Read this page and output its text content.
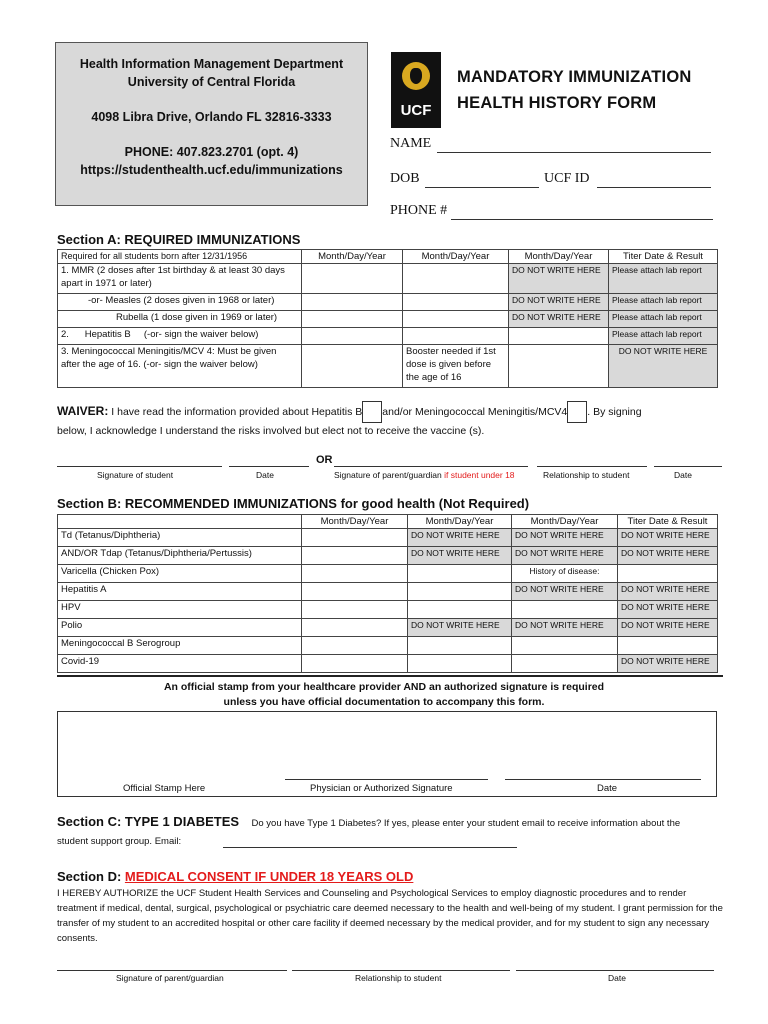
Health Information Management Department
University of Central Florida
4098 Libra Drive, Orlando FL 32816-3333
PHONE: 407.823.2701 (opt. 4)
https://studenthealth.ucf.edu/immunizations
UCF
MANDATORY IMMUNIZATION
HEALTH HISTORY FORM
NAME
DOB	UCF ID
PHONE #
Section A: REQUIRED IMMUNIZATIONS
Required for all students born after 12/31/1956	Month/Day/Year	Month/Day/Year	Month/Day/Year	Titer Date & Result
1. MMR (2 doses after 1st birthday & at least 30 days apart in 1971 or later)			DO NOT WRITE HERE	Please attach lab report
-or- Measles (2 doses given in 1968 or later)			DO NOT WRITE HERE	Please attach lab report
Rubella (1 dose given in 1969 or later)			DO NOT WRITE HERE	Please attach lab report
2.      Hepatitis B     (-or- sign the waiver below)				Please attach lab report
3. Meningococcal Meningitis/MCV 4: Must be given after the age of 16. (-or- sign the waiver below)		Booster needed if 1st dose is given before the age of 16		DO NOT WRITE HERE
WAIVER: I have read the information provided about Hepatitis B and/or Meningococcal Meningitis/MCV4 . By signing
below, I acknowledge I understand the risks involved but elect not to receive the vaccine (s).
OR
Signature of student	Date	Signature of parent/guardian if student under 18	Relationship to student	Date
Section B: RECOMMENDED IMMUNIZATIONS for good health (Not Required)
	Month/Day/Year	Month/Day/Year	Month/Day/Year	Titer Date & Result
Td (Tetanus/Diphtheria)		DO NOT WRITE HERE	DO NOT WRITE HERE	DO NOT WRITE HERE
AND/OR Tdap (Tetanus/Diphtheria/Pertussis)		DO NOT WRITE HERE	DO NOT WRITE HERE	DO NOT WRITE HERE
Varicella (Chicken Pox)			History of disease:	
Hepatitis A			DO NOT WRITE HERE	DO NOT WRITE HERE
HPV				DO NOT WRITE HERE
Polio		DO NOT WRITE HERE	DO NOT WRITE HERE	DO NOT WRITE HERE
Meningococcal B Serogroup				
Covid-19				DO NOT WRITE HERE
An official stamp from your healthcare provider AND an authorized signature is required
unless you have official documentation to accompany this form.
Official Stamp Here	Physician or Authorized Signature	Date
Section C: TYPE 1 DIABETES Do you have Type 1 Diabetes? If yes, please enter your student email to receive information about the
student support group. Email:
Section D: MEDICAL CONSENT IF UNDER 18 YEARS OLD
I HEREBY AUTHORIZE the UCF Student Health Services and Counseling and Psychological Services to employ diagnostic procedures and to render treatment if medical, dental, surgical, psychological or psychiatric care deemed necessary to the health and well-being of my student. I grant permission for the transfer of my student to an accredited hospital or other care facility if deemed necessary by the medical provider, and for my student to sign any necessary consents.
Signature of parent/guardian	Relationship to student	Date
